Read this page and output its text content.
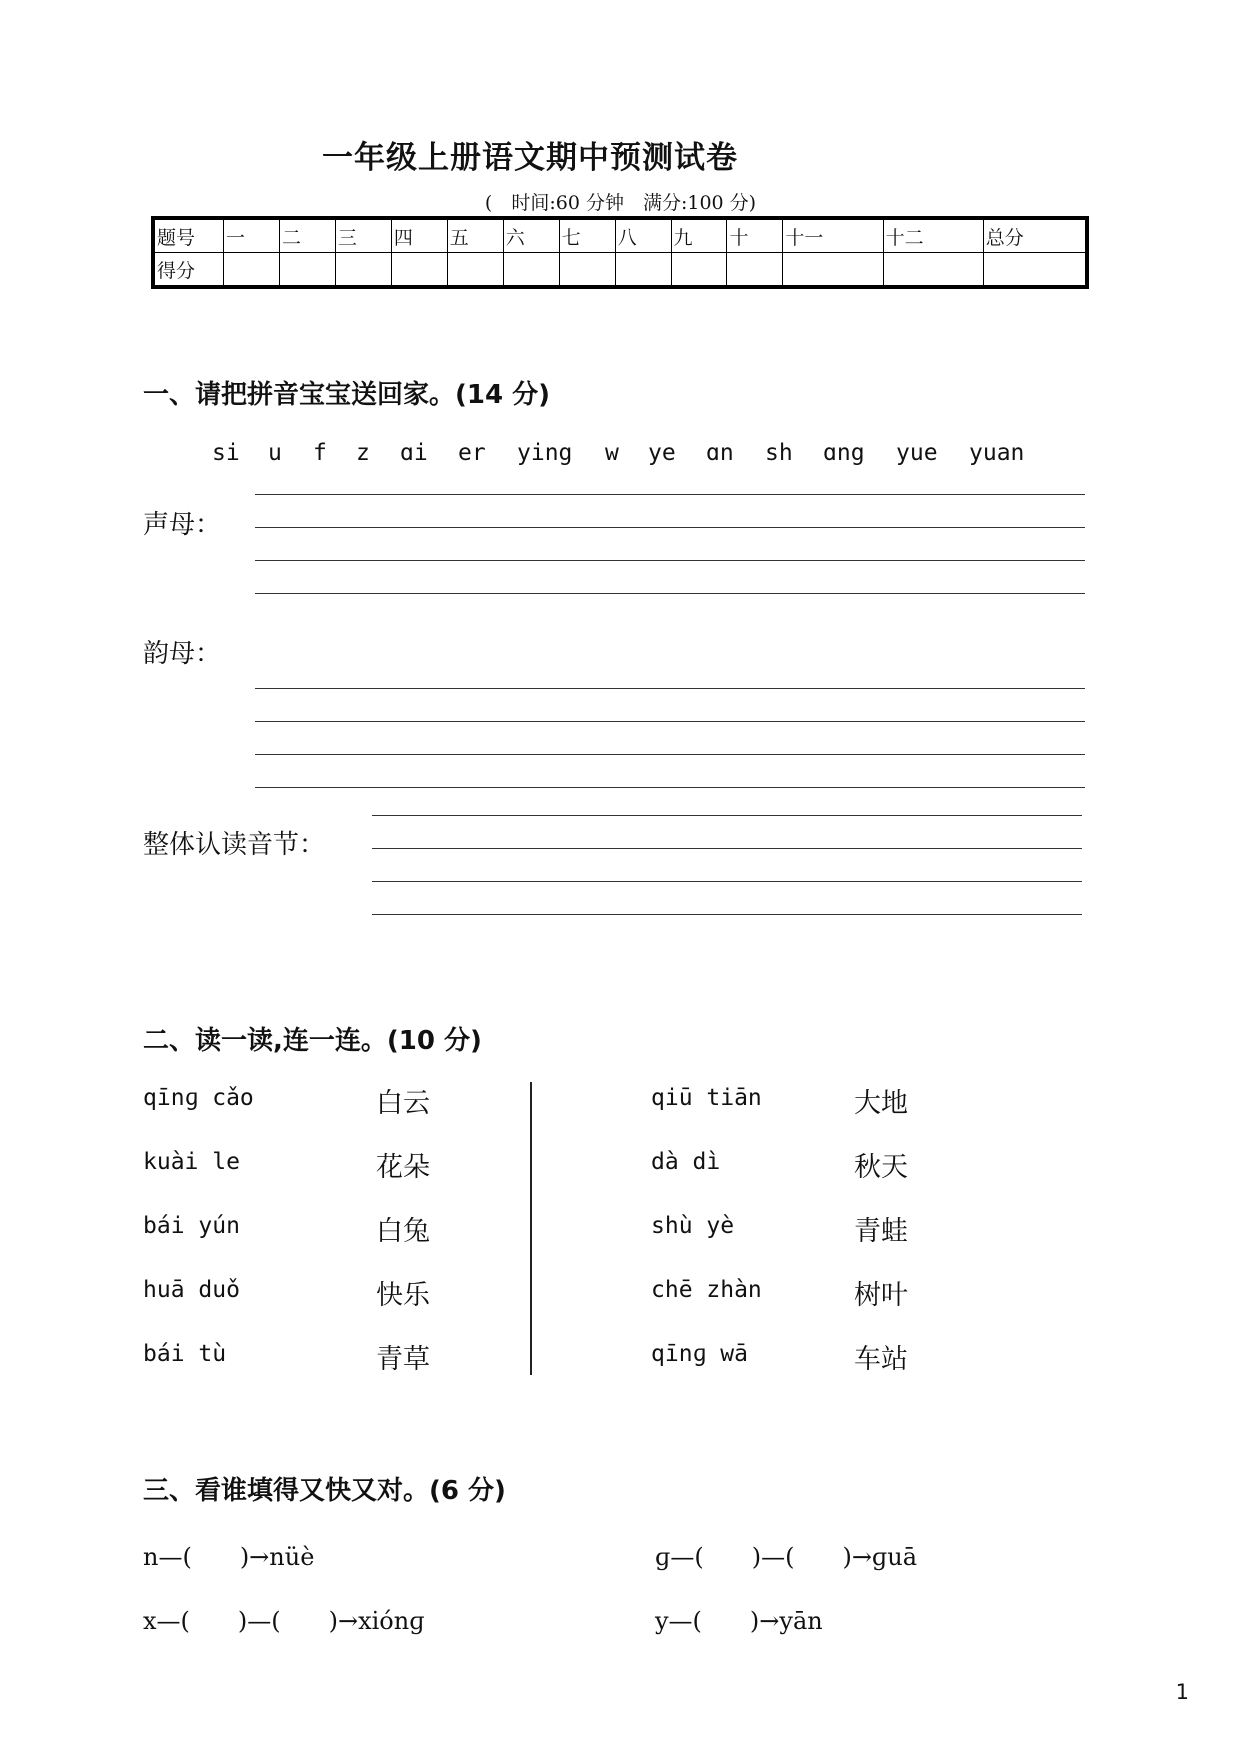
一年级上册语文期中预测试卷
(　时间:60 分钟　满分:100 分)
题号	一	二	三	四	五	六	七	八	九	十	十一	十二	总分
得分													
一、请把拼音宝宝送回家。(14 分)
si u f z ɑi er ying w ye ɑn sh ɑng yue yuan
声母：
韵母：
整体认读音节：
二、读一读,连一连。(10 分)
qīnɡ cǎo
kuài le
bái yún
huā duǒ
bái tù
白云
花朵
白兔
快乐
青草
qiū tiān
dà dì
shù yè
chē zhàn
qīnɡ wā
大地
秋天
青蛙
树叶
车站
三、看谁填得又快又对。(6 分)
n—(　　)→nüè	ɡ—(　　)—(　　)→ɡuā
x—(　　)—(　　)→xiónɡ	y—(　　)→yān
1
